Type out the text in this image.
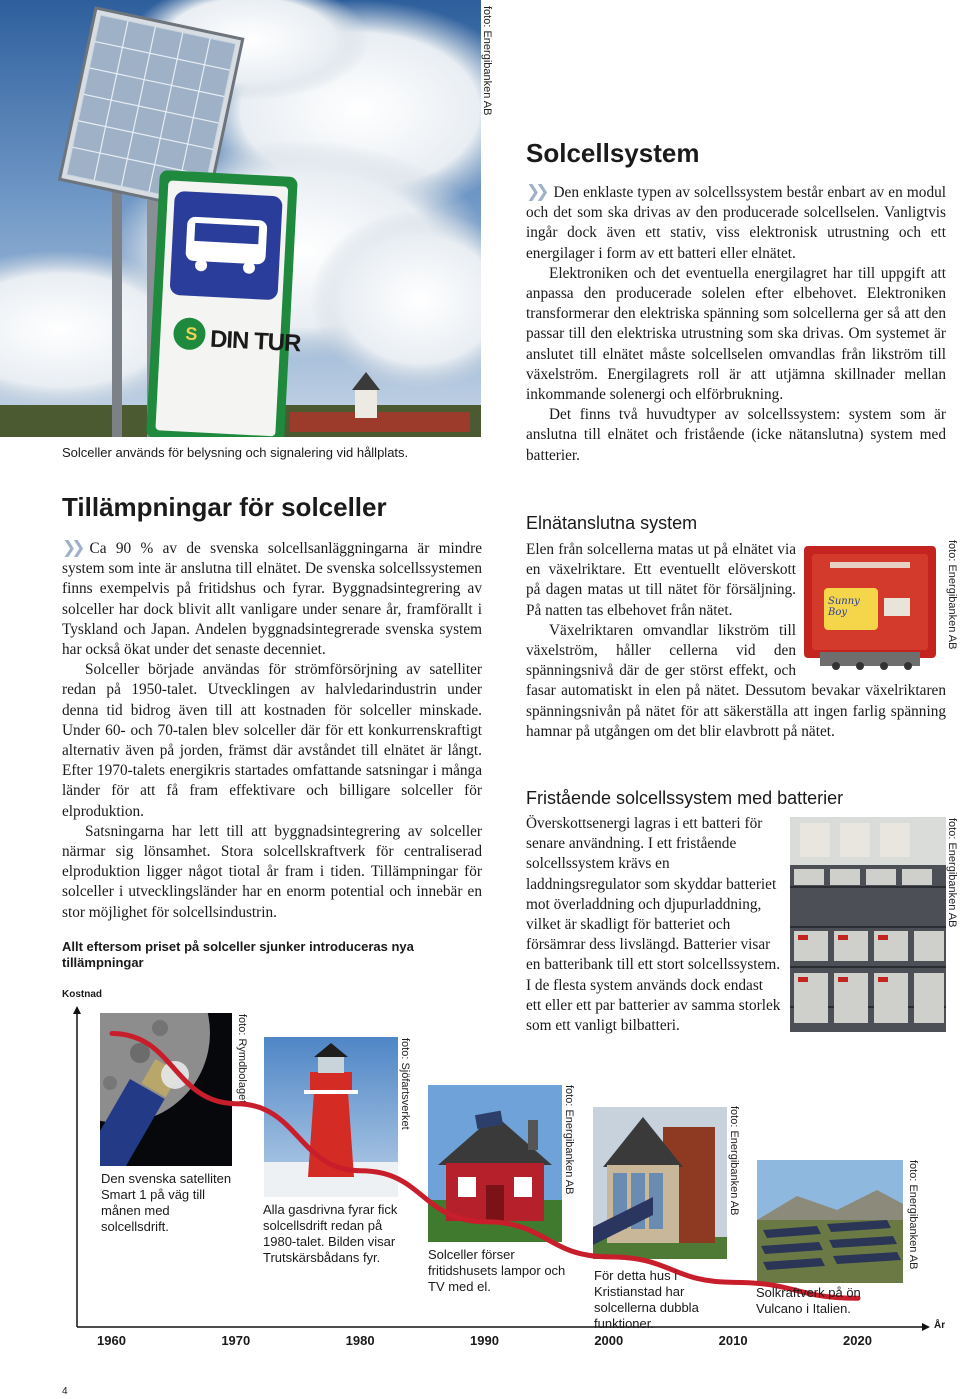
S DIN TUR
foto: Energibanken AB
Solceller används för belysning och signalering vid hållplats.
Tillämpningar för solceller

❯❯ Ca 90 % av de svenska solcellsanläggningarna är mindre system som inte är anslutna till elnätet. De svenska solcellssystemen finns exempelvis på fritidshus och fyrar. Byggnadsintegrering av solceller har dock blivit allt vanligare under senare år, framförallt i Tyskland och Japan. Andelen byggnadsintegrerade svenska system har också ökat under det senaste decenniet.

Solceller började användas för strömförsörjning av satelliter redan på 1950-talet. Utvecklingen av halvledarindustrin under denna tid bidrog även till att kostnaden för solceller minskade. Under 60- och 70-talen blev solceller där för ett konkurrenskraftigt alternativ även på jorden, främst där avståndet till elnätet är långt. Efter 1970-talets energikris startades omfattande satsningar i många länder för att få fram effektivare och billigare solceller för elproduktion.

Satsningarna har lett till att byggnadsintegrering av solceller närmar sig lönsamhet. Stora solcellskraftverk för centraliserad elproduktion ligger något tiotal år fram i tiden. Tillämpningar för solceller i utvecklingsländer har en enorm potential och innebär en stor möjlighet för solcellsindustrin.

Solcellsystem

❯❯ Den enklaste typen av solcellssystem består enbart av en modul och det som ska drivas av den producerade solcellselen. Vanligtvis ingår dock även ett stativ, viss elektronisk utrustning och ett energilager i form av ett batteri eller elnätet.

Elektroniken och det eventuella energilagret har till uppgift att anpassa den producerade solelen efter elbehovet. Elektroniken transformerar den elektriska spänning som solcellerna ger så att den passar till den elektriska utrustning som ska drivas. Om systemet är anslutet till elnätet måste solcellselen omvandlas från likström till växelström. Energilagrets roll är att utjämna skillnader mellan inkommande solenergi och elförbrukning.

Det finns två huvudtyper av solcellssystem: system som är anslutna till elnätet och fristående (icke nätanslutna) system med batterier.

Elnätanslutna system
Sunny Boy	foto: Energibanken AB

Elen från solcellerna matas ut på elnätet via en växelriktare. Ett eventuellt elöverskott på dagen matas ut till nätet för försäljning. På natten tas elbehovet från nätet.

Växelriktaren omvandlar likström till växelström, håller cellerna vid den spänningsnivå där de ger störst effekt, och fasar automatiskt in elen på nätet. Dessutom bevakar växelriktaren spänningsnivån på nätet för att säkerställa att ingen farlig spänning hamnar på utgången om det blir elavbrott på nätet.

Fristående solcellssystem med batterier
foto: Energibanken AB

Överskottsenergi lagras i ett batteri för senare användning. I ett fristående solcellssystem krävs en laddningsregulator som skyddar batteriet mot överladdning och djupurladdning, vilket är skadligt för batteriet och försämrar dess livslängd. Batterier visar en batteribank till ett stort solcellssystem. I de flesta system används dock endast ett eller ett par batterier av samma storlek som ett vanligt bilbatteri.

Allt eftersom priset på solceller sjunker introduceras nya tillämpningar
Kostnad
År
foto: Rymdbolaget	foto: Sjöfartsverket
foto: Energibanken AB	foto: Energibanken AB	foto: Energibanken AB
1960	1970	1980	1990	2000	2010	2020
Den svenska satelliten Smart 1 på väg till månen med solcellsdrift.
Alla gasdrivna fyrar fick solcellsdrift redan på 1980-talet. Bilden visar Trutskärsbådans fyr.	Solceller förser fritidshusets lampor och TV med el.
För detta hus i Kristianstad har solcellerna dubbla funktioner.
Solkraftverk på ön Vulcano i Italien.
4
